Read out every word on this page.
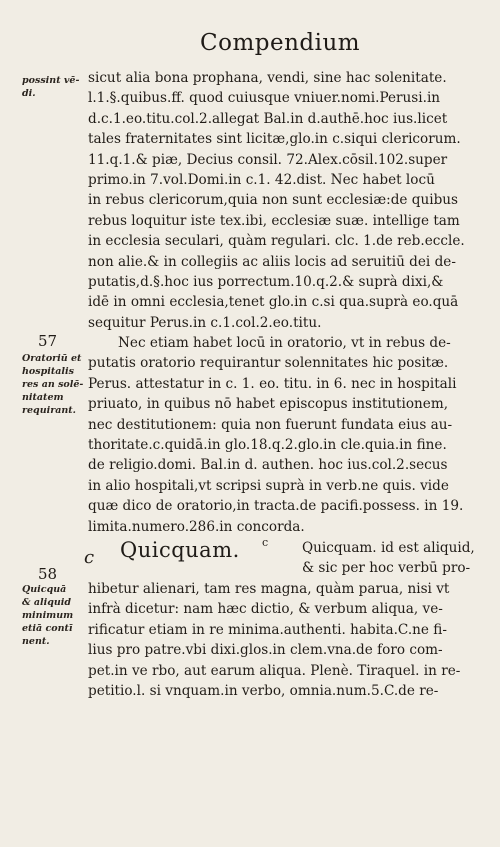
Compendium
possint vē-
di.
57
Oratoriū et
hospitalis
res an solē-
nitatem
requirant.
58
Quicquā
& aliquid
minimum
etiā contī
nent.
sicut alia bona prophana, vendi, sine hac solenitate.
l.1.§.quibus.ff. quod cuiusque vniuer.nomi.Perusi.in
d.c.1.eo.titu.col.2.allegat Bal.in d.authē.hoc ius.licet
tales fraternitates sint licitæ,glo.in c.siqui clericorum.
11.q.1.& piæ, Decius consil. 72.Alex.cōsil.102.super
primo.in 7.vol.Domi.in c.1. 42.dist. Nec habet locū
in rebus clericorum,quia non sunt ecclesiæ:de quibus
rebus loquitur iste tex.ibi, ecclesiæ suæ. intellige tam
in ecclesia seculari, quàm regulari. clc. 1.de reb.eccle.
non alie.& in collegiis ac aliis locis ad seruitiū dei de-
putatis,d.§.hoc ius porrectum.10.q.2.& suprà dixi,&
idē in omni ecclesia,tenet glo.in c.si qua.suprà eo.quā
sequitur Perus.in c.1.col.2.eo.titu.
Nec etiam habet locū in oratorio, vt in rebus de-
putatis oratorio requirantur solennitates hic positæ.
Perus. attestatur in c. 1. eo. titu. in 6. nec in hospitali
priuato, in quibus nō habet episcopus institutionem,
nec destitutionem: quia non fuerunt fundata eius au-
thoritate.c.quidā.in glo.18.q.2.glo.in cle.quia.in fine.
de religio.domi. Bal.in d. authen. hoc ius.col.2.secus
in alio hospitali,vt scripsi suprà in verb.ne quis. vide
quæ dico de oratorio,in tracta.de pacifi.possess. in 19.
limita.numero.286.in concorda.
c Quicquam. c	Quicquam. id est aliquid,
& sic per hoc verbū pro-
hibetur alienari, tam res magna, quàm parua, nisi vt
infrà dicetur: nam hæc dictio, & verbum aliqua, ve-
rificatur etiam in re minima.authenti. habita.C.ne fi-
lius pro patre.vbi dixi.glos.in clem.vna.de foro com-
pet.in ve rbo, aut earum aliqua. Plenè. Tiraquel. in re-
petitio.l. si vnquam.in verbo, omnia.num.5.C.de re-
